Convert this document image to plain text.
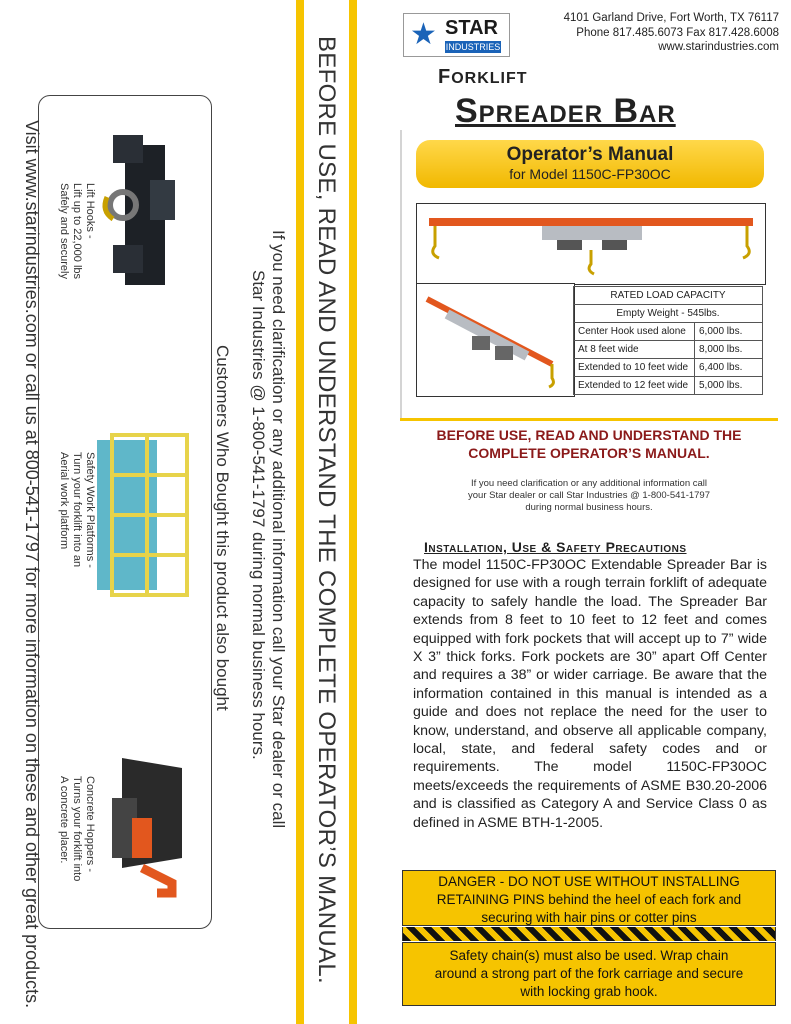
Lift Hooks -
Lift up to 22,000 lbs
Safely and securely
Safety Work Platforms -
Turn your forklift into an
Aerial work platform
Concrete Hoppers -
Turns your forklift into
A concrete placer.
Visit www.starindustries.com or call us at 800-541-1797 for more information on these and other great products.	Customers Who Bought this product also bought Star Industries @ 1-800-541-1797 during normal business hours. If you need clarification or any additional information call your Star dealer or call BEFORE USE, READ AND UNDERSTAND THE COMPLETE OPERATOR’S MANUAL.
★ STAR
INDUSTRIES
4101 Garland Drive, Fort Worth, TX 76117
Phone 817.485.6073 Fax 817.428.6008
www.starindustries.com
FORKLIFT
Spreader Bar
Operator’s Manual
for Model 1150C-FP30OC
RATED LOAD CAPACITY	
Empty Weight - 545lbs.	
Center Hook used alone	6,000 lbs.
At 8 feet wide	8,000 lbs.
Extended to 10 feet wide	6,400 lbs.
Extended to 12 feet wide	5,000 lbs.
BEFORE USE, READ AND UNDERSTAND THE
COMPLETE OPERATOR’S MANUAL.
If you need clarification or any additional information call
your Star dealer or call Star Industries @ 1-800-541-1797
during normal business hours.
Installation, Use & Safety Precautions
The model 1150C-FP30OC Extendable Spreader Bar is designed for use with a rough terrain forklift of adequate capacity to safely handle the load. The Spreader Bar extends from 8 feet to 10 feet to 12 feet and comes equipped with fork pockets that will accept up to 7” wide X 3” thick forks. Fork pockets are 30” apart Off Center and requires a 38” or wider carriage. Be aware that the information contained in this manual is intended as a guide and does not replace the need for the user to know, understand, and observe all applicable company, local, state, and federal safety codes and or requirements. The model 1150C-FP30OC meets/exceeds the requirements of ASME B30.20-2006 and is classified as Category A and Service Class 0 as defined in ASME BTH-1-2005.
DANGER - DO NOT USE WITHOUT INSTALLING
RETAINING PINS behind the heel of each fork and
securing with hair pins or cotter pins
Safety chain(s) must also be used. Wrap chain
around a strong part of the fork carriage and secure
with locking grab hook.
